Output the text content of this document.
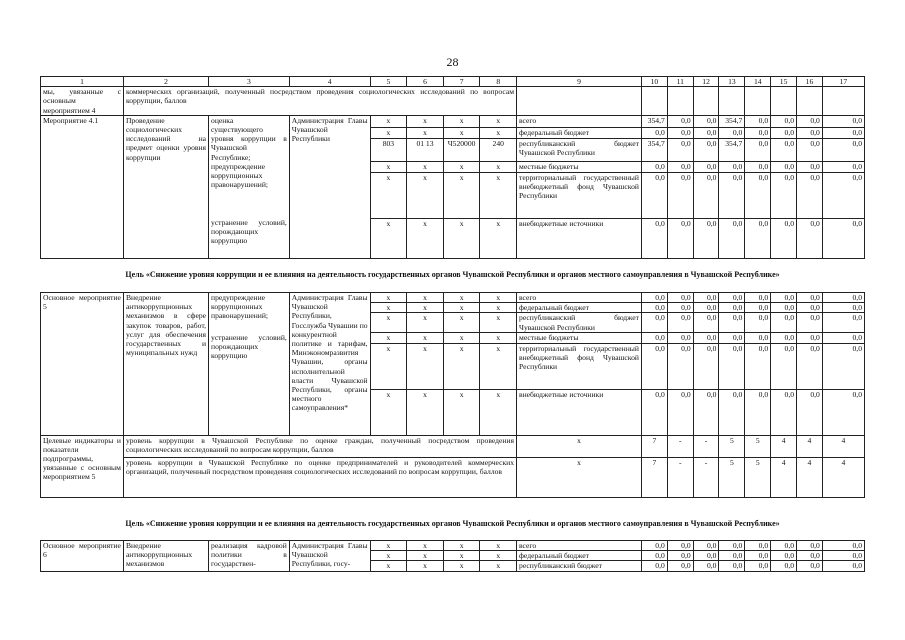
28
1	2	3	4	5	6	7	8	9	10	11	12	13	14	15	16	17
мы, увязанные с основным мероприятием 4	коммерческих организаций, полученный посредством проведения социологических исследований по вопросам коррупции, баллов															
Мероприятие 4.1	Проведение социологических исследований на предмет оценки уровня коррупции	оценка существующего уровня коррупции в Чувашской Республике;	Администрация Главы Чувашской Республики	x	x	x	x	всего	354,7	0,0	0,0	354,7	0,0	0,0	0,0	0,0
				x	x	x	x	федеральный бюджет	0,0	0,0	0,0	0,0	0,0	0,0	0,0	0,0
				803	01 13	Ч520000	240	республиканский бюджет Чувашской Республики	354,7	0,0	0,0	354,7	0,0	0,0	0,0	0,0
		предупреждение коррупционных правонарушений;		x	x	x	x	местные бюджеты	0,0	0,0	0,0	0,0	0,0	0,0	0,0	0,0
				x	x	x	x	территориальный государственный внебюджетный фонд Чувашской Республики	0,0	0,0	0,0	0,0	0,0	0,0	0,0	0,0
		устранение условий, порождающих коррупцию		x	x	x	x	внебюджетные источники	0,0	0,0	0,0	0,0	0,0	0,0	0,0	0,0
Цель «Снижение уровня коррупции и ее влияния на деятельность государственных органов Чувашской Республики и органов местного самоуправления в Чувашской Республике»
Основное мероприятие 5	Внедрение антикоррупционных механизмов в сфере закупок товаров, работ, услуг для обеспечения государственных и муниципальных нужд	предупреждение коррупционных правонарушений;	Администрация Главы Чувашской Республики, Госслужба Чувашии по конкурентной политике и тарифам, Минэкономразвития Чувашии, органы исполнительной власти Чувашской Республики, органы местного самоуправления*	x	x	x	x	всего	0,0	0,0	0,0	0,0	0,0	0,0	0,0	0,0
				x	x	x	x	федеральный бюджет	0,0	0,0	0,0	0,0	0,0	0,0	0,0	0,0
				x	x	x	x	республиканский бюджет Чувашской Республики	0,0	0,0	0,0	0,0	0,0	0,0	0,0	0,0
		устранение условий, порождающих коррупцию		x	x	x	x	местные бюджеты	0,0	0,0	0,0	0,0	0,0	0,0	0,0	0,0
				x	x	x	x	территориальный государственный внебюджетный фонд Чувашской Республики	0,0	0,0	0,0	0,0	0,0	0,0	0,0	0,0
				x	x	x	x	внебюджетные источники	0,0	0,0	0,0	0,0	0,0	0,0	0,0	0,0
Целевые индикаторы и показатели подпрограммы, увязанные с основным мероприятием 5	уровень коррупции в Чувашской Республике по оценке граждан, полученный посредством проведения социологических исследований по вопросам коррупции, баллов							x	7	-	-	5	5	4	4	4
	уровень коррупции в Чувашской Республике по оценке предпринимателей и руководителей коммерческих организаций, полученный посредством проведения социологических исследований по вопросам коррупции, баллов							x	7	-	-	5	5	4	4	4
Цель «Снижение уровня коррупции и ее влияния на деятельность государственных органов Чувашской Республики и органов местного самоуправления в Чувашской Республике»
Основное мероприятие 6	Внедрение антикоррупционных механизмов	реализация кадровой политики в государствен-	Администрация Главы Чувашской Республики, госу-	x	x	x	x	всего	0,0	0,0	0,0	0,0	0,0	0,0	0,0	0,0
				x	x	x	x	федеральный бюджет	0,0	0,0	0,0	0,0	0,0	0,0	0,0	0,0
				x	x	x	x	республиканский бюджет	0,0	0,0	0,0	0,0	0,0	0,0	0,0	0,0
